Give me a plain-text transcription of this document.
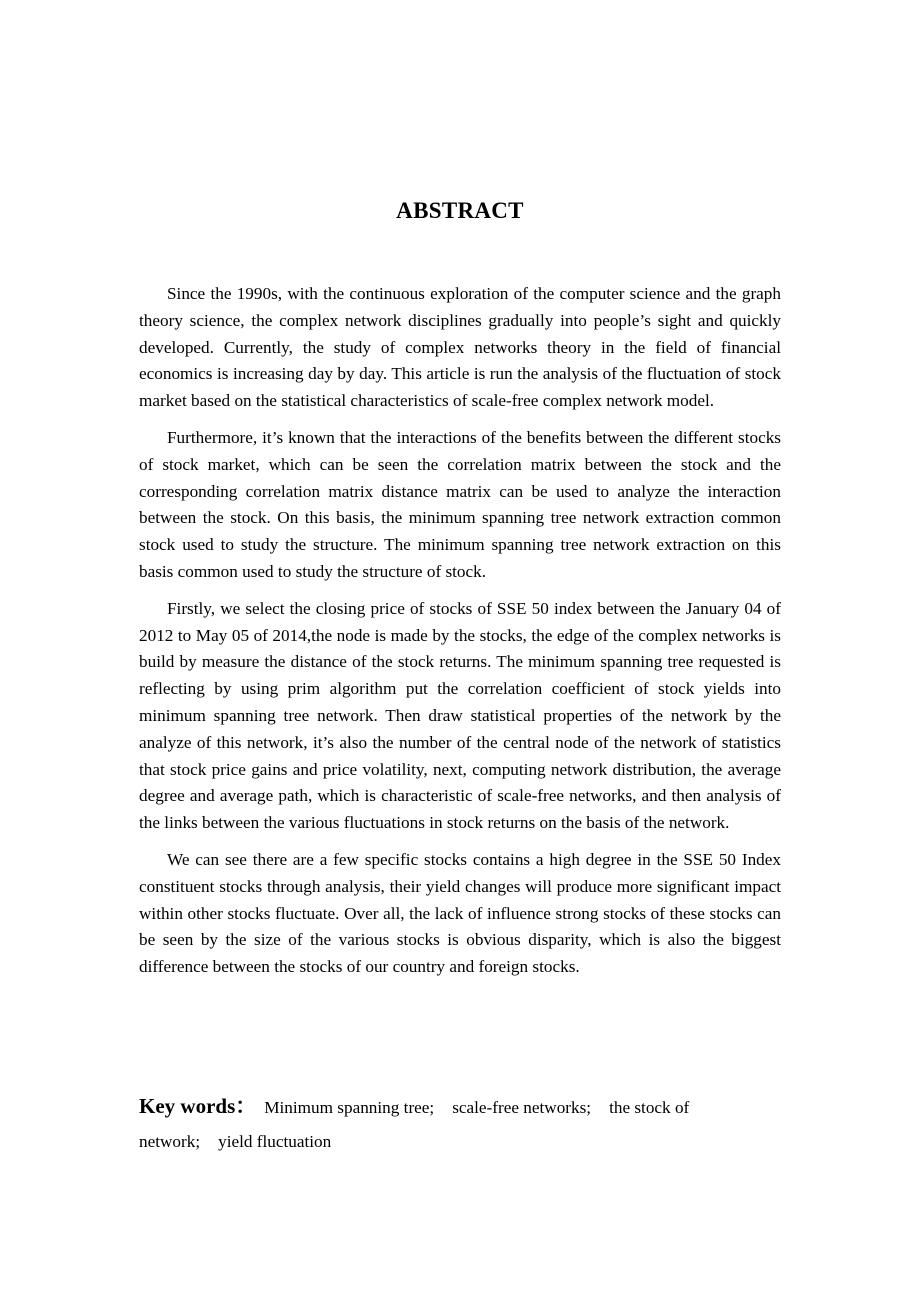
ABSTRACT

Since the 1990s, with the continuous exploration of the computer science and the graph theory science, the complex network disciplines gradually into people’s sight and quickly developed. Currently, the study of complex networks theory in the field of financial economics is increasing day by day. This article is run the analysis of the fluctuation of stock market based on the statistical characteristics of scale-free complex network model.

Furthermore, it’s known that the interactions of the benefits between the different stocks of stock market, which can be seen the correlation matrix between the stock and the corresponding correlation matrix distance matrix can be used to analyze the interaction between the stock. On this basis, the minimum spanning tree network extraction common stock used to study the structure. The minimum spanning tree network extraction on this basis common used to study the structure of stock.

Firstly, we select the closing price of stocks of SSE 50 index between the January 04 of 2012 to May 05 of 2014,the node is made by the stocks, the edge of the complex networks is build by measure the distance of the stock returns. The minimum spanning tree requested is reflecting by using prim algorithm put the correlation coefficient of stock yields into minimum spanning tree network. Then draw statistical properties of the network by the analyze of this network, it’s also the number of the central node of the network of statistics that stock price gains and price volatility, next, computing network distribution, the average degree and average path, which is characteristic of scale-free networks, and then analysis of the links between the various fluctuations in stock returns on the basis of the network.

We can see there are a few specific stocks contains a high degree in the SSE 50 Index constituent stocks through analysis, their yield changes will produce more significant impact within other stocks fluctuate. Over all, the lack of influence strong stocks of these stocks can be seen by the size of the various stocks is obvious disparity, which is also the biggest difference between the stocks of our country and foreign stocks.

Key words： Minimum spanning tree; scale-free networks; the stock of network; yield fluctuation
